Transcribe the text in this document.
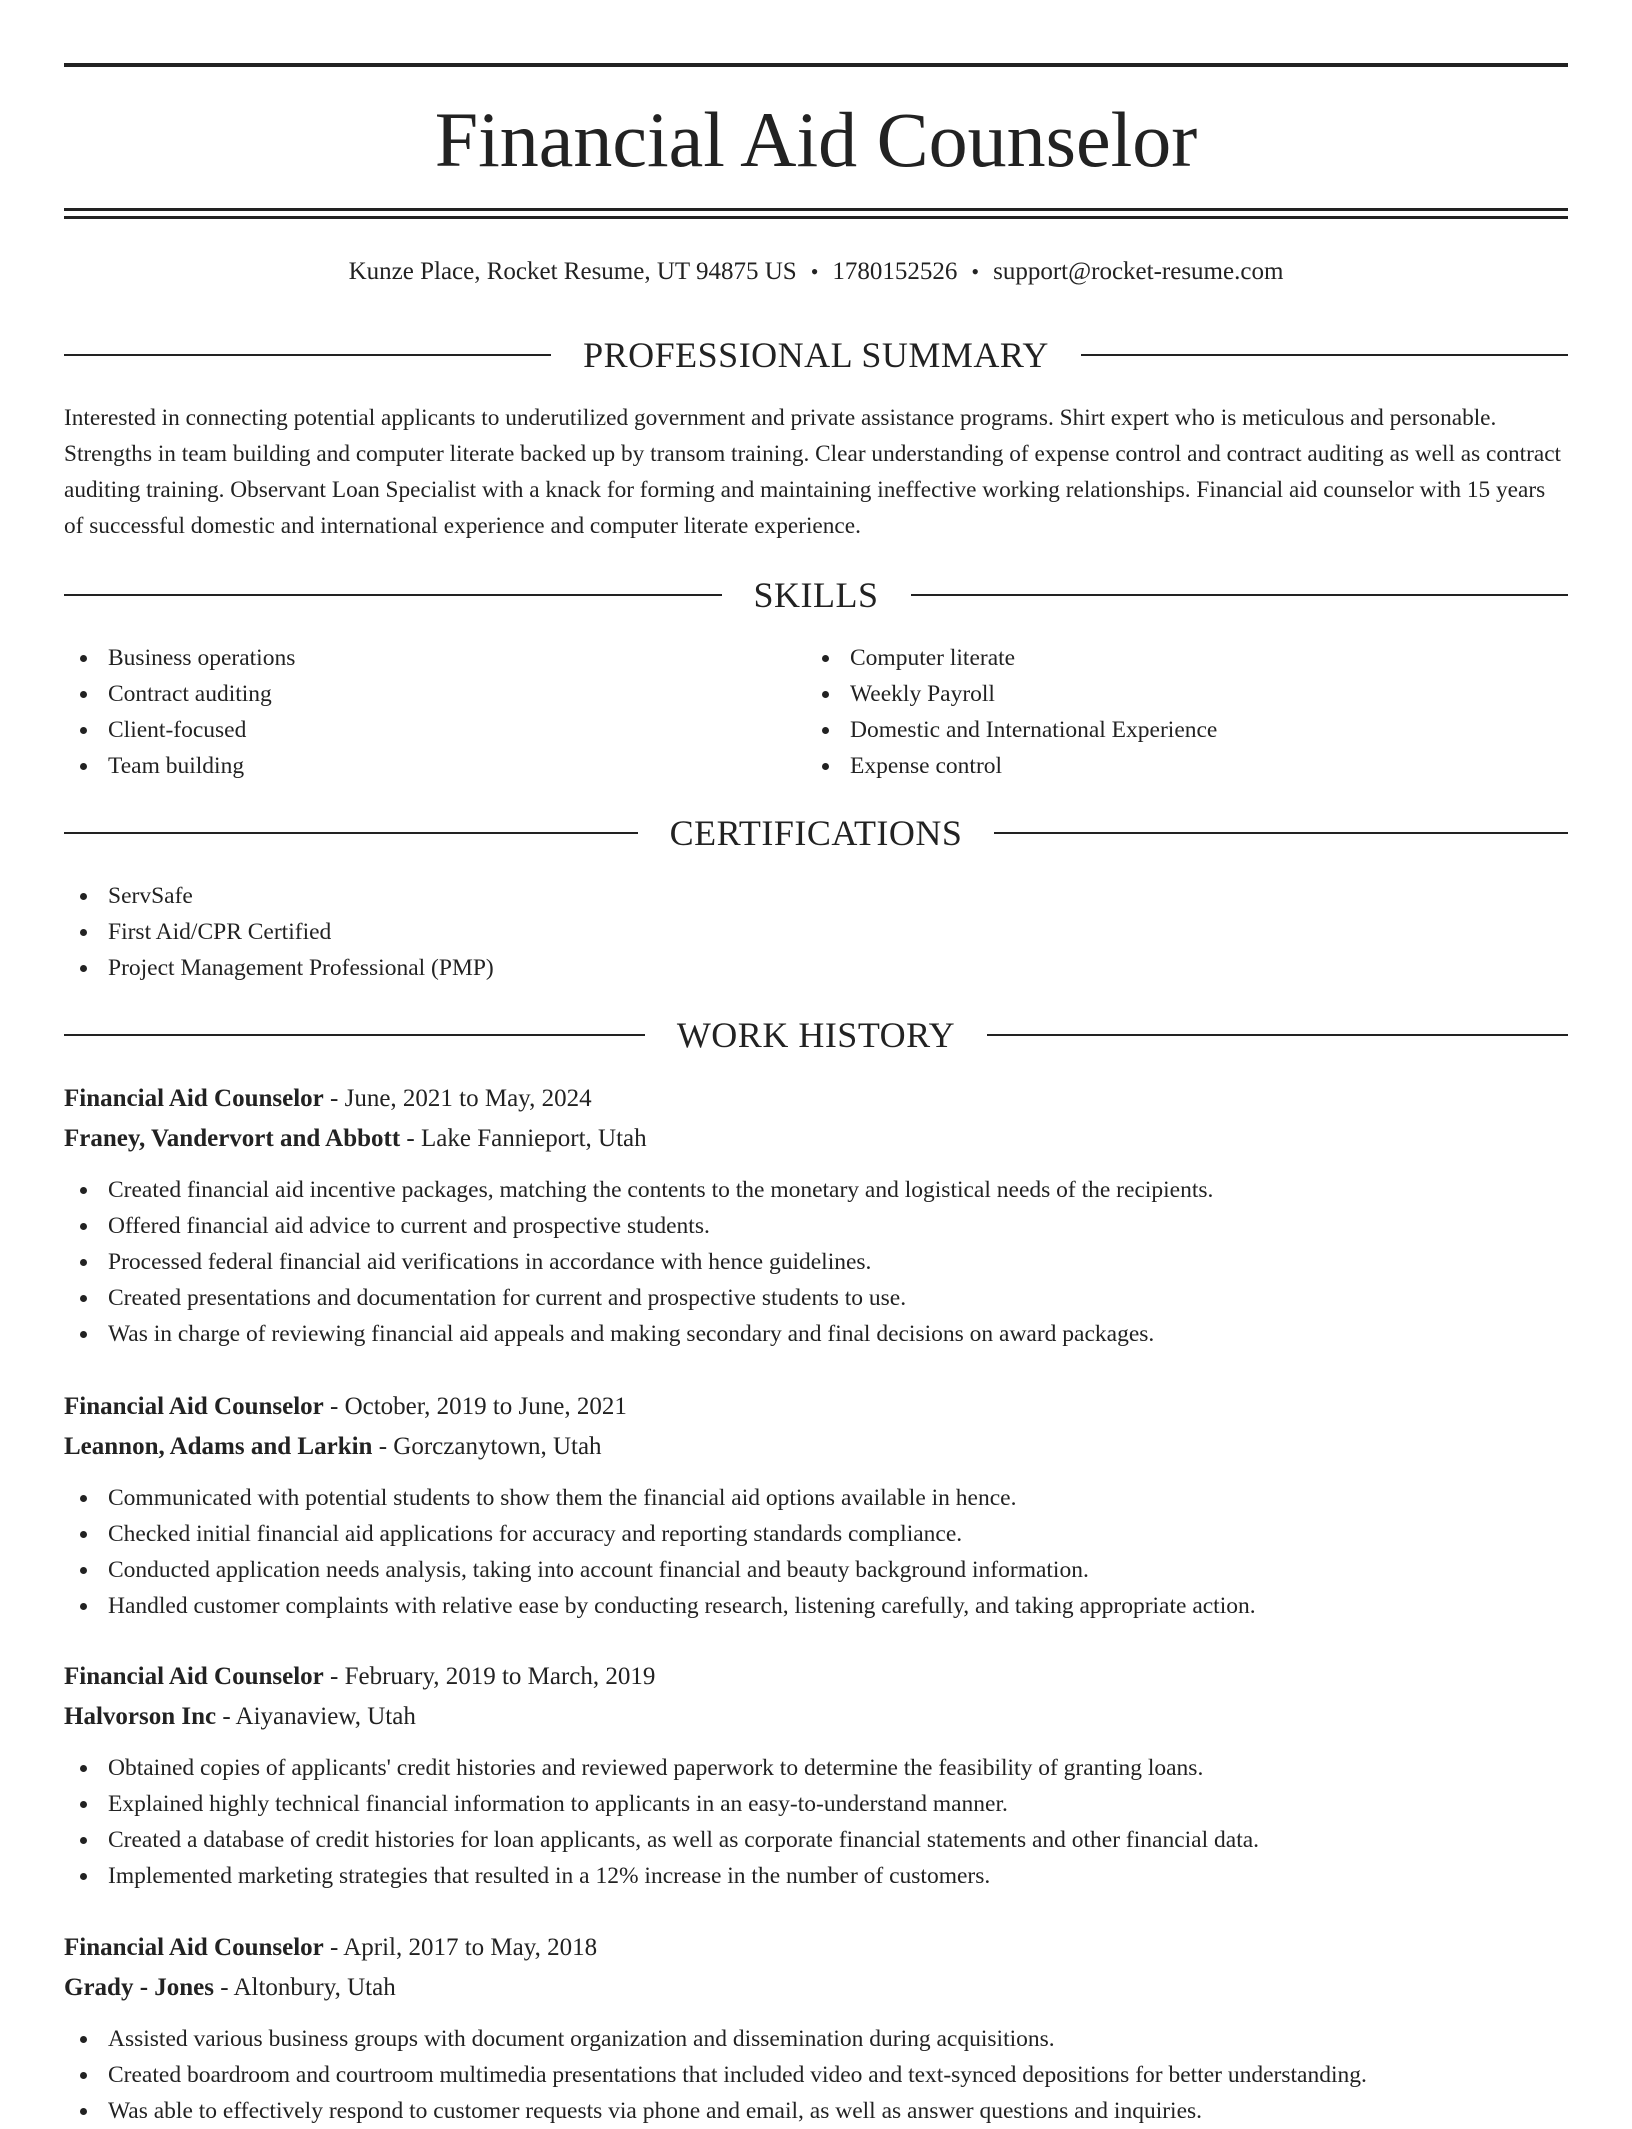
Financial Aid Counselor
Kunze Place, Rocket Resume, UT 94875 US • 1780152526 • support@rocket-resume.com
PROFESSIONAL SUMMARY

Interested in connecting potential applicants to underutilized government and private assistance programs. Shirt expert who is meticulous and personable. Strengths in team building and computer literate backed up by transom training. Clear understanding of expense control and contract auditing as well as contract auditing training. Observant Loan Specialist with a knack for forming and maintaining ineffective working relationships. Financial aid counselor with 15 years of successful domestic and international experience and computer literate experience.

SKILLS
Business operations
Contract auditing
Client-focused
Team building
Computer literate
Weekly Payroll
Domestic and International Experience
Expense control
CERTIFICATIONS
ServSafe
First Aid/CPR Certified
Project Management Professional (PMP)
WORK HISTORY
Financial Aid Counselor - June, 2021 to May, 2024
Franey, Vandervort and Abbott - Lake Fannieport, Utah
Created financial aid incentive packages, matching the contents to the monetary and logistical needs of the recipients.
Offered financial aid advice to current and prospective students.
Processed federal financial aid verifications in accordance with hence guidelines.
Created presentations and documentation for current and prospective students to use.
Was in charge of reviewing financial aid appeals and making secondary and final decisions on award packages.
Financial Aid Counselor - October, 2019 to June, 2021
Leannon, Adams and Larkin - Gorczanytown, Utah
Communicated with potential students to show them the financial aid options available in hence.
Checked initial financial aid applications for accuracy and reporting standards compliance.
Conducted application needs analysis, taking into account financial and beauty background information.
Handled customer complaints with relative ease by conducting research, listening carefully, and taking appropriate action.
Financial Aid Counselor - February, 2019 to March, 2019
Halvorson Inc - Aiyanaview, Utah
Obtained copies of applicants' credit histories and reviewed paperwork to determine the feasibility of granting loans.
Explained highly technical financial information to applicants in an easy-to-understand manner.
Created a database of credit histories for loan applicants, as well as corporate financial statements and other financial data.
Implemented marketing strategies that resulted in a 12% increase in the number of customers.
Financial Aid Counselor - April, 2017 to May, 2018
Grady - Jones - Altonbury, Utah
Assisted various business groups with document organization and dissemination during acquisitions.
Created boardroom and courtroom multimedia presentations that included video and text-synced depositions for better understanding.
Was able to effectively respond to customer requests via phone and email, as well as answer questions and inquiries.
